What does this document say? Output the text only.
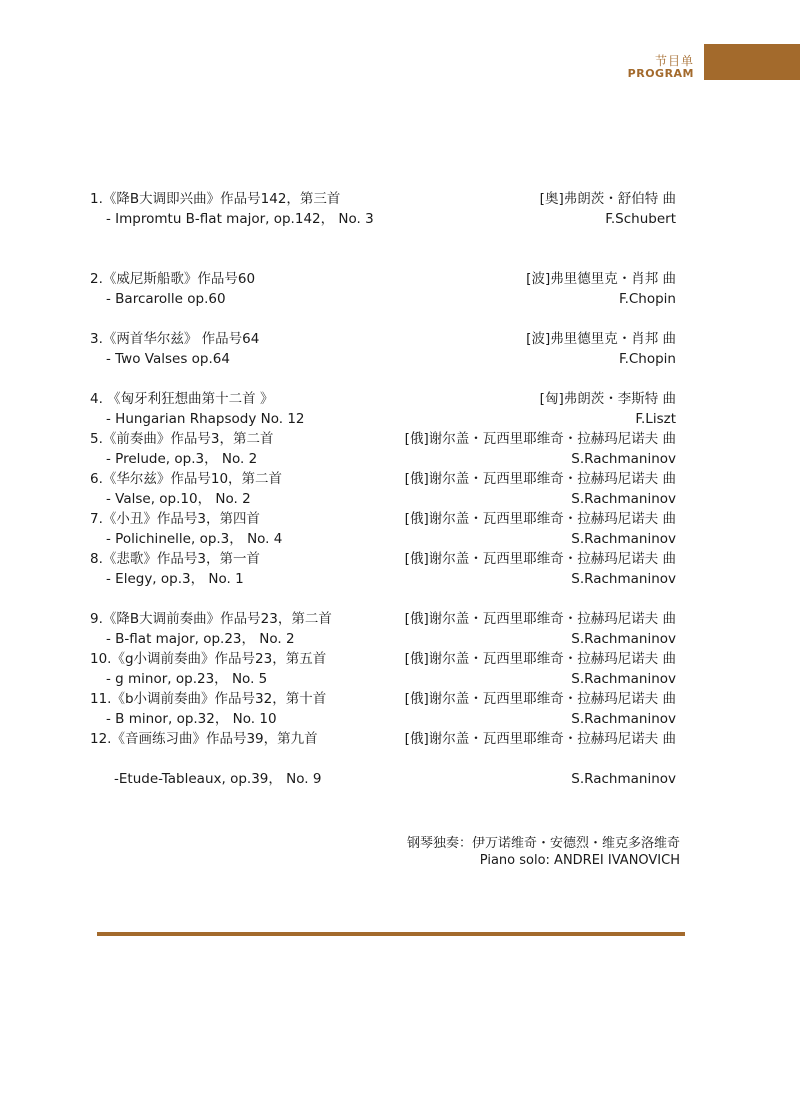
节目单
PROGRAM
1.《降B大调即兴曲》作品号142，第三首	[奥]弗朗茨・舒伯特 曲
- Impromtu B-flat major, op.142， No. 3	F.Schubert
2.《威尼斯船歌》作品号60	[波]弗里德里克・肖邦 曲
- Barcarolle op.60	F.Chopin
3.《两首华尔兹》 作品号64	[波]弗里德里克・肖邦 曲
- Two Valses op.64	F.Chopin
4. 《匈牙利狂想曲第十二首 》	[匈]弗朗茨・李斯特 曲
- Hungarian Rhapsody No. 12	F.Liszt
5.《前奏曲》作品号3，第二首	[俄]谢尔盖・瓦西里耶维奇・拉赫玛尼诺夫 曲
- Prelude, op.3， No. 2	S.Rachmaninov
6.《华尔兹》作品号10，第二首	[俄]谢尔盖・瓦西里耶维奇・拉赫玛尼诺夫 曲
- Valse, op.10， No. 2	S.Rachmaninov
7.《小丑》作品号3，第四首	[俄]谢尔盖・瓦西里耶维奇・拉赫玛尼诺夫 曲
- Polichinelle, op.3， No. 4	S.Rachmaninov
8.《悲歌》作品号3，第一首	[俄]谢尔盖・瓦西里耶维奇・拉赫玛尼诺夫 曲
- Elegy, op.3， No. 1	S.Rachmaninov
9.《降B大调前奏曲》作品号23，第二首	[俄]谢尔盖・瓦西里耶维奇・拉赫玛尼诺夫 曲
- B-flat major, op.23， No. 2	S.Rachmaninov
10.《g小调前奏曲》作品号23，第五首	[俄]谢尔盖・瓦西里耶维奇・拉赫玛尼诺夫 曲
- g minor, op.23， No. 5	S.Rachmaninov
11.《b小调前奏曲》作品号32，第十首	[俄]谢尔盖・瓦西里耶维奇・拉赫玛尼诺夫 曲
- B minor, op.32， No. 10	S.Rachmaninov
12.《音画练习曲》作品号39，第九首	[俄]谢尔盖・瓦西里耶维奇・拉赫玛尼诺夫 曲
-Etude-Tableaux, op.39， No. 9	S.Rachmaninov
钢琴独奏：伊万诺维奇・安德烈・维克多洛维奇
Piano solo: ANDREI IVANOVICH
